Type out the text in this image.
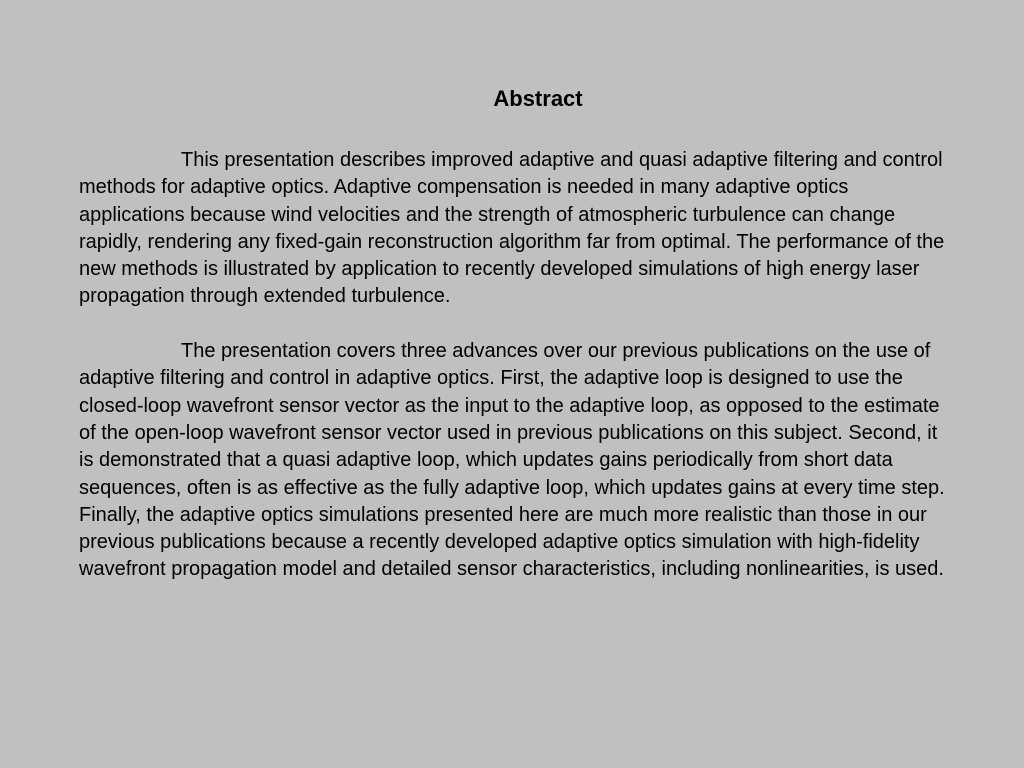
Abstract

This presentation describes improved adaptive and quasi adaptive filtering and control methods for adaptive optics. Adaptive compensation is needed in many adaptive optics applications because wind velocities and the strength of atmospheric turbulence can change rapidly, rendering any fixed-gain reconstruction algorithm far from optimal. The performance of the new methods is illustrated by application to recently developed simulations of high energy laser propagation through extended turbulence.

The presentation covers three advances over our previous publications on the use of adaptive filtering and control in adaptive optics. First, the adaptive loop is designed to use the closed-loop wavefront sensor vector as the input to the adaptive loop, as opposed to the estimate of the open-loop wavefront sensor vector used in previous publications on this subject. Second, it is demonstrated that a quasi adaptive loop, which updates gains periodically from short data sequences, often is as effective as the fully adaptive loop, which updates gains at every time step. Finally, the adaptive optics simulations presented here are much more realistic than those in our previous publications because a recently developed adaptive optics simulation with high-fidelity wavefront propagation model and detailed sensor characteristics, including nonlinearities, is used.
